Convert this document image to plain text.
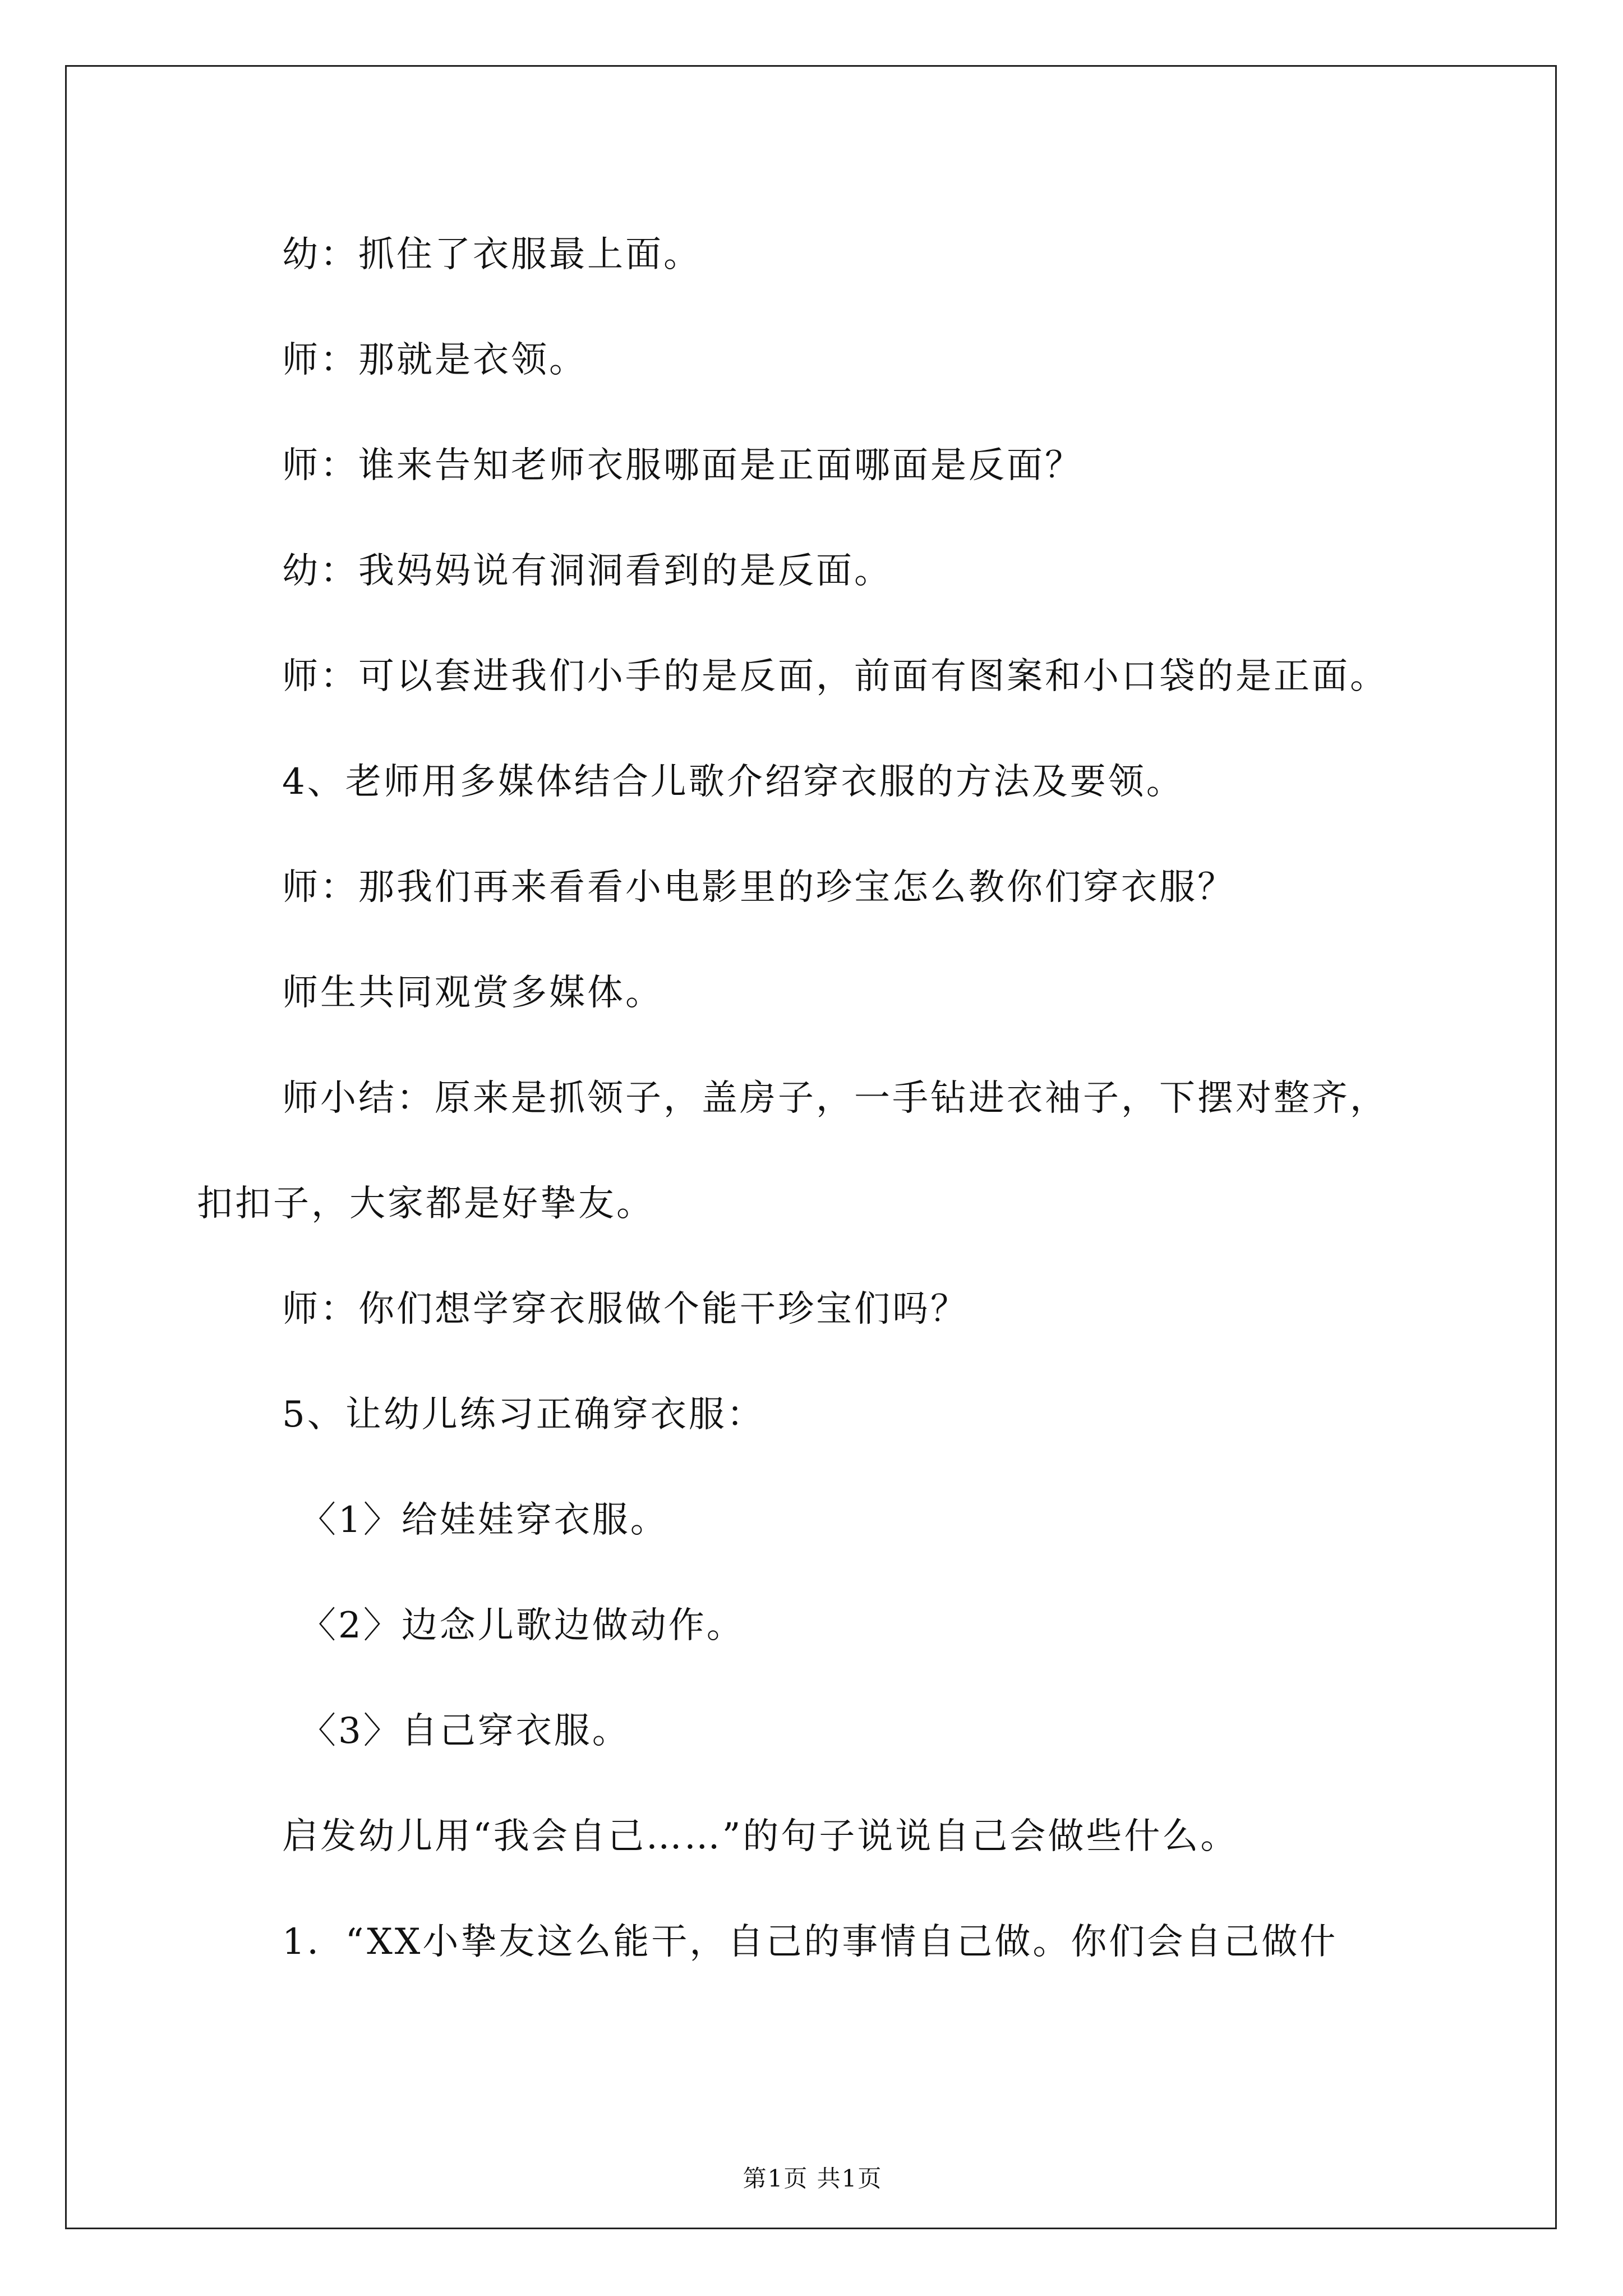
幼：抓住了衣服最上面。
师：那就是衣领。
师：谁来告知老师衣服哪面是正面哪面是反面？
幼：我妈妈说有洞洞看到的是反面。
师：可以套进我们小手的是反面，前面有图案和小口袋的是正面。
4、老师用多媒体结合儿歌介绍穿衣服的方法及要领。
师：那我们再来看看小电影里的珍宝怎么教你们穿衣服？
师生共同观赏多媒体。
师小结：原来是抓领子，盖房子，一手钻进衣袖子，下摆对整齐，
扣扣子，大家都是好挚友。
师：你们想学穿衣服做个能干珍宝们吗？
5、让幼儿练习正确穿衣服：
〈1〉给娃娃穿衣服。
〈2〉边念儿歌边做动作。
〈3〉自己穿衣服。
启发幼儿用“我会自己……”的句子说说自己会做些什么。
1．“XX小挚友这么能干，自己的事情自己做。你们会自己做什
第1页 共1页
